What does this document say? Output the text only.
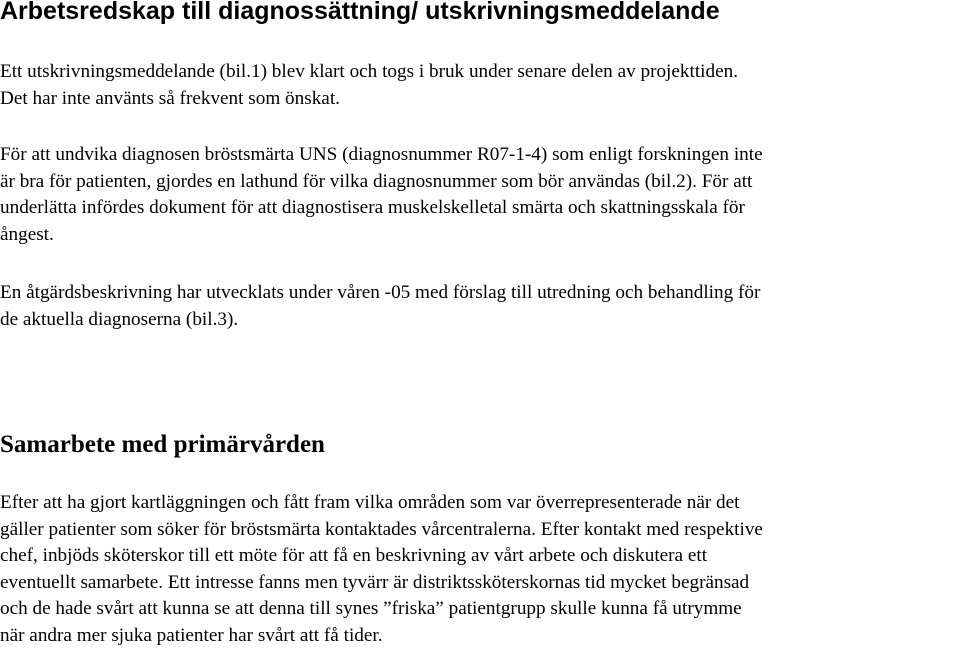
Arbetsredskap till diagnossättning/ utskrivningsmeddelande

Ett utskrivningsmeddelande (bil.1) blev klart och togs i bruk under senare delen av projekttiden.
Det har inte använts så frekvent som önskat.

För att undvika diagnosen bröstsmärta UNS (diagnosnummer R07-1-4) som enligt forskningen inte
är bra för patienten, gjordes en lathund för vilka diagnosnummer som bör användas (bil.2). För att
underlätta infördes dokument för att diagnostisera muskelskelletal smärta och skattningsskala för
ångest.

En åtgärdsbeskrivning har utvecklats under våren -05 med förslag till utredning och behandling för
de aktuella diagnoserna (bil.3).

Samarbete med primärvården

Efter att ha gjort kartläggningen och fått fram vilka områden som var överrepresenterade när det
gäller patienter som söker för bröstsmärta kontaktades vårcentralerna. Efter kontakt med respektive
chef, inbjöds sköterskor till ett möte för att få en beskrivning av vårt arbete och diskutera ett
eventuellt samarbete. Ett intresse fanns men tyvärr är distriktssköterskornas tid mycket begränsad
och de hade svårt att kunna se att denna till synes ”friska” patientgrupp skulle kunna få utrymme
när andra mer sjuka patienter har svårt att få tider.
